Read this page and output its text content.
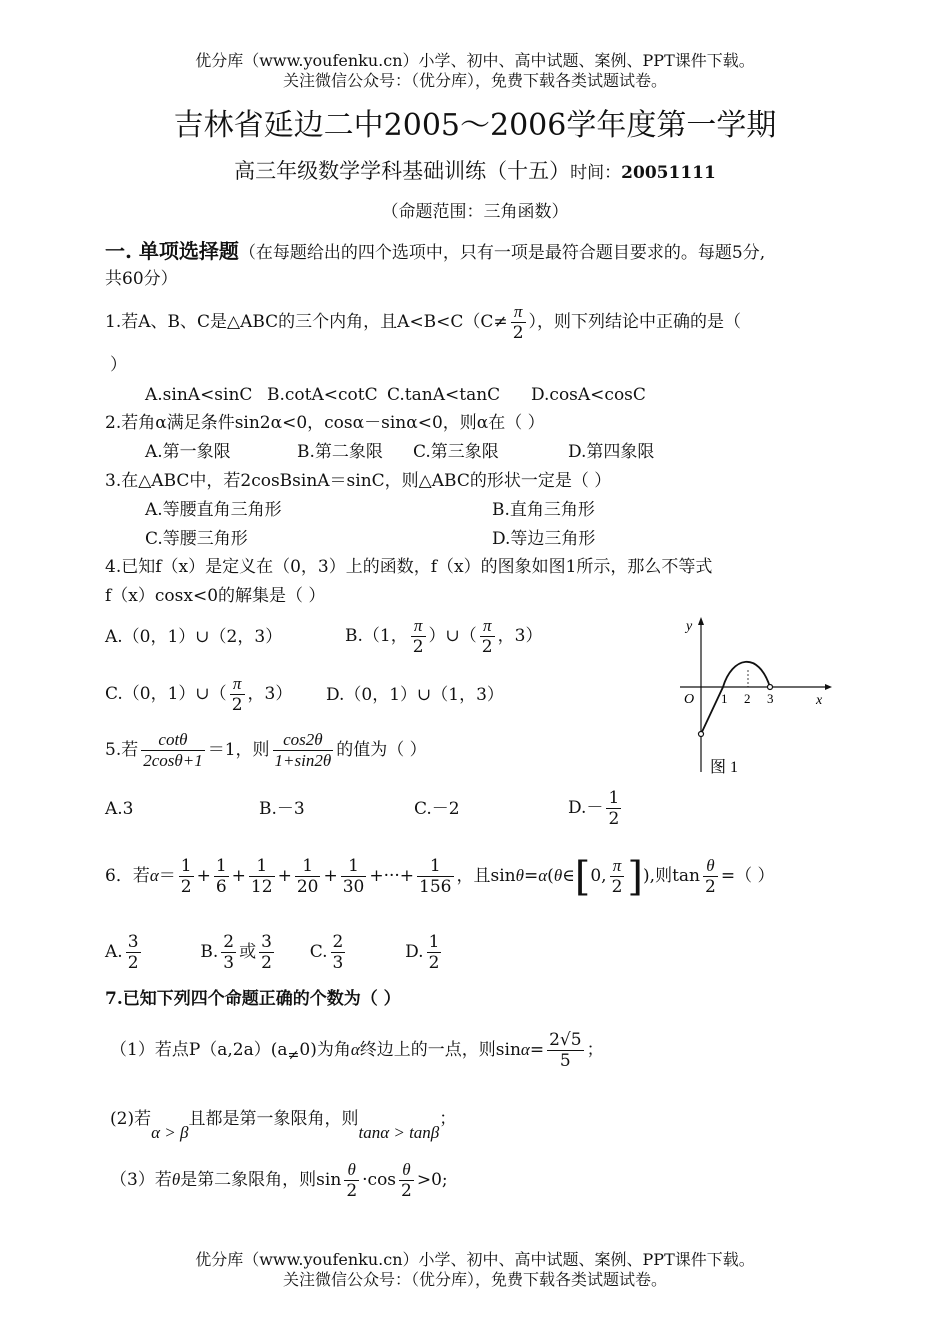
优分库（www.youfenku.cn）小学、初中、高中试题、案例、PPT课件下载。
关注微信公众号：（优分库），免费下载各类试题试卷。
吉林省延边二中2005～2006学年度第一学期
高三年级数学学科基础训练（十五）时间：20051111
（命题范围：三角函数）
一. 单项选择题（在每题给出的四个选项中，只有一项是最符合题目要求的。每题5分,
共60分）
1.若A、B、C是△ABC的三个内角，且$A<B<C(C\ne \frac{\pi}{2}$ ），则下列结论中正确的是（
）
A.sinA<sinC B.cotA<cotC C.tanA<tanC D.cosA<cosC
2.若角α满足条件sin2α<0，cosα－sinα<0，则α在（ ）
A.第一象限	B.第二象限 C.第三象限	D.第四象限
3.在△ABC中，若2cosBsinA＝sinC，则△ABC的形状一定是（ ）
A.等腰直角三角形	B.直角三角形
C.等腰三角形	D.等边三角形
4.已知f（x）是定义在（0，3）上的函数，f（x）的图象如图1所示，那么不等式
f（x）cosx<0的解集是（ ）
A.（0，1）∪（2，3）	B.（1， $\frac{\pi}{2}$ ）∪（ $\frac{\pi}{2}$ ，3）
C.（0，1）∪（ $\frac{\pi}{2}$ ，3） D.（0，1）∪（1，3）
y
x
O 1 2 3
图 1
5.若 $\frac{\cot\theta}{2\cos\theta+1} =1$，则 $\frac{\cos 2\theta}{1+\sin 2\theta}$ 的值为（ ）
A.3	B.－3	C.－2	$D.- \frac{1}{2}$
6．若$\alpha= \frac{1}{2} + \frac{1}{6} + \frac{1}{12} + \frac{1}{20} + \frac{1}{30}$ +···+ $\frac{1}{156}$ ，且sinθ=α(θ∈[0, $\frac{\pi}{2}$ ]),则$\tan \frac{\theta}{2}$ =（ ）
A. $\frac{3}{2}$	B. $\frac{2}{3}$ 或 $\frac{3}{2} C$. $\frac{2}{3}$	D. $\frac{1}{2}$
7.已知下列四个命题正确的个数为（ ）
（1）若点$P(a,2a)(a_\ne 0)$为角α终边上的一点，则$\sin\alpha= \frac{2√5}{5}$ ；
(2)若α > β且都是第一象限角，则tanα > tanβ；
（3）若θ是第二象限角，则$\sin \frac{\theta}{2} \cdot\cos \frac{\theta}{2} >0$;
优分库（www.youfenku.cn）小学、初中、高中试题、案例、PPT课件下载。
关注微信公众号：（优分库），免费下载各类试题试卷。
